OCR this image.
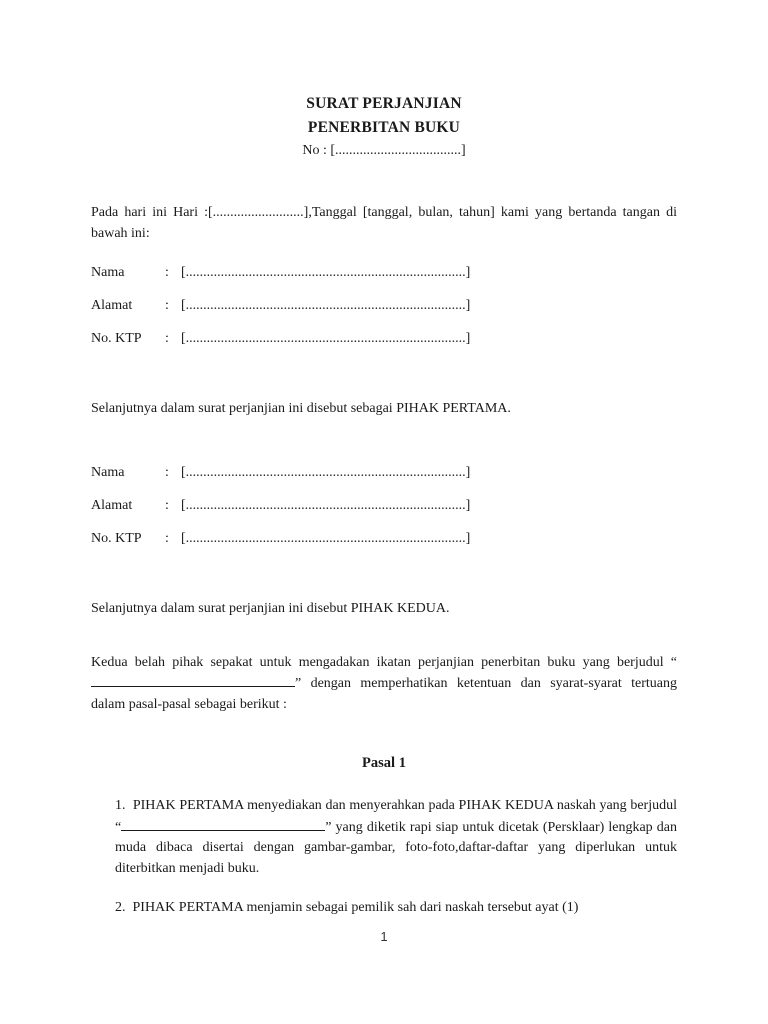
SURAT PERJANJIAN
PENERBITAN BUKU
No : [....................................]
Pada hari ini Hari :[..........................],Tanggal [tanggal, bulan, tahun] kami yang bertanda tangan di bawah ini:
Nama	: [................................................................................]
Alamat	: [................................................................................]
No. KTP	: [................................................................................]
Selanjutnya dalam surat perjanjian ini disebut sebagai PIHAK PERTAMA.
Nama	: [................................................................................]
Alamat	: [................................................................................]
No. KTP	: [................................................................................]
Selanjutnya dalam surat perjanjian ini disebut PIHAK KEDUA.
Kedua belah pihak sepakat untuk mengadakan ikatan perjanjian penerbitan buku yang berjudul “” dengan memperhatikan ketentuan dan syarat-syarat tertuang dalam pasal-pasal sebagai berikut :
Pasal 1
1. PIHAK PERTAMA menyediakan dan menyerahkan pada PIHAK KEDUA naskah yang berjudul “	” yang diketik rapi siap untuk dicetak (Persklaar) lengkap dan muda dibaca disertai dengan gambar-gambar, foto-foto,daftar-daftar yang diperlukan untuk diterbitkan menjadi buku.
2. PIHAK PERTAMA menjamin sebagai pemilik sah dari naskah tersebut ayat (1)
1
